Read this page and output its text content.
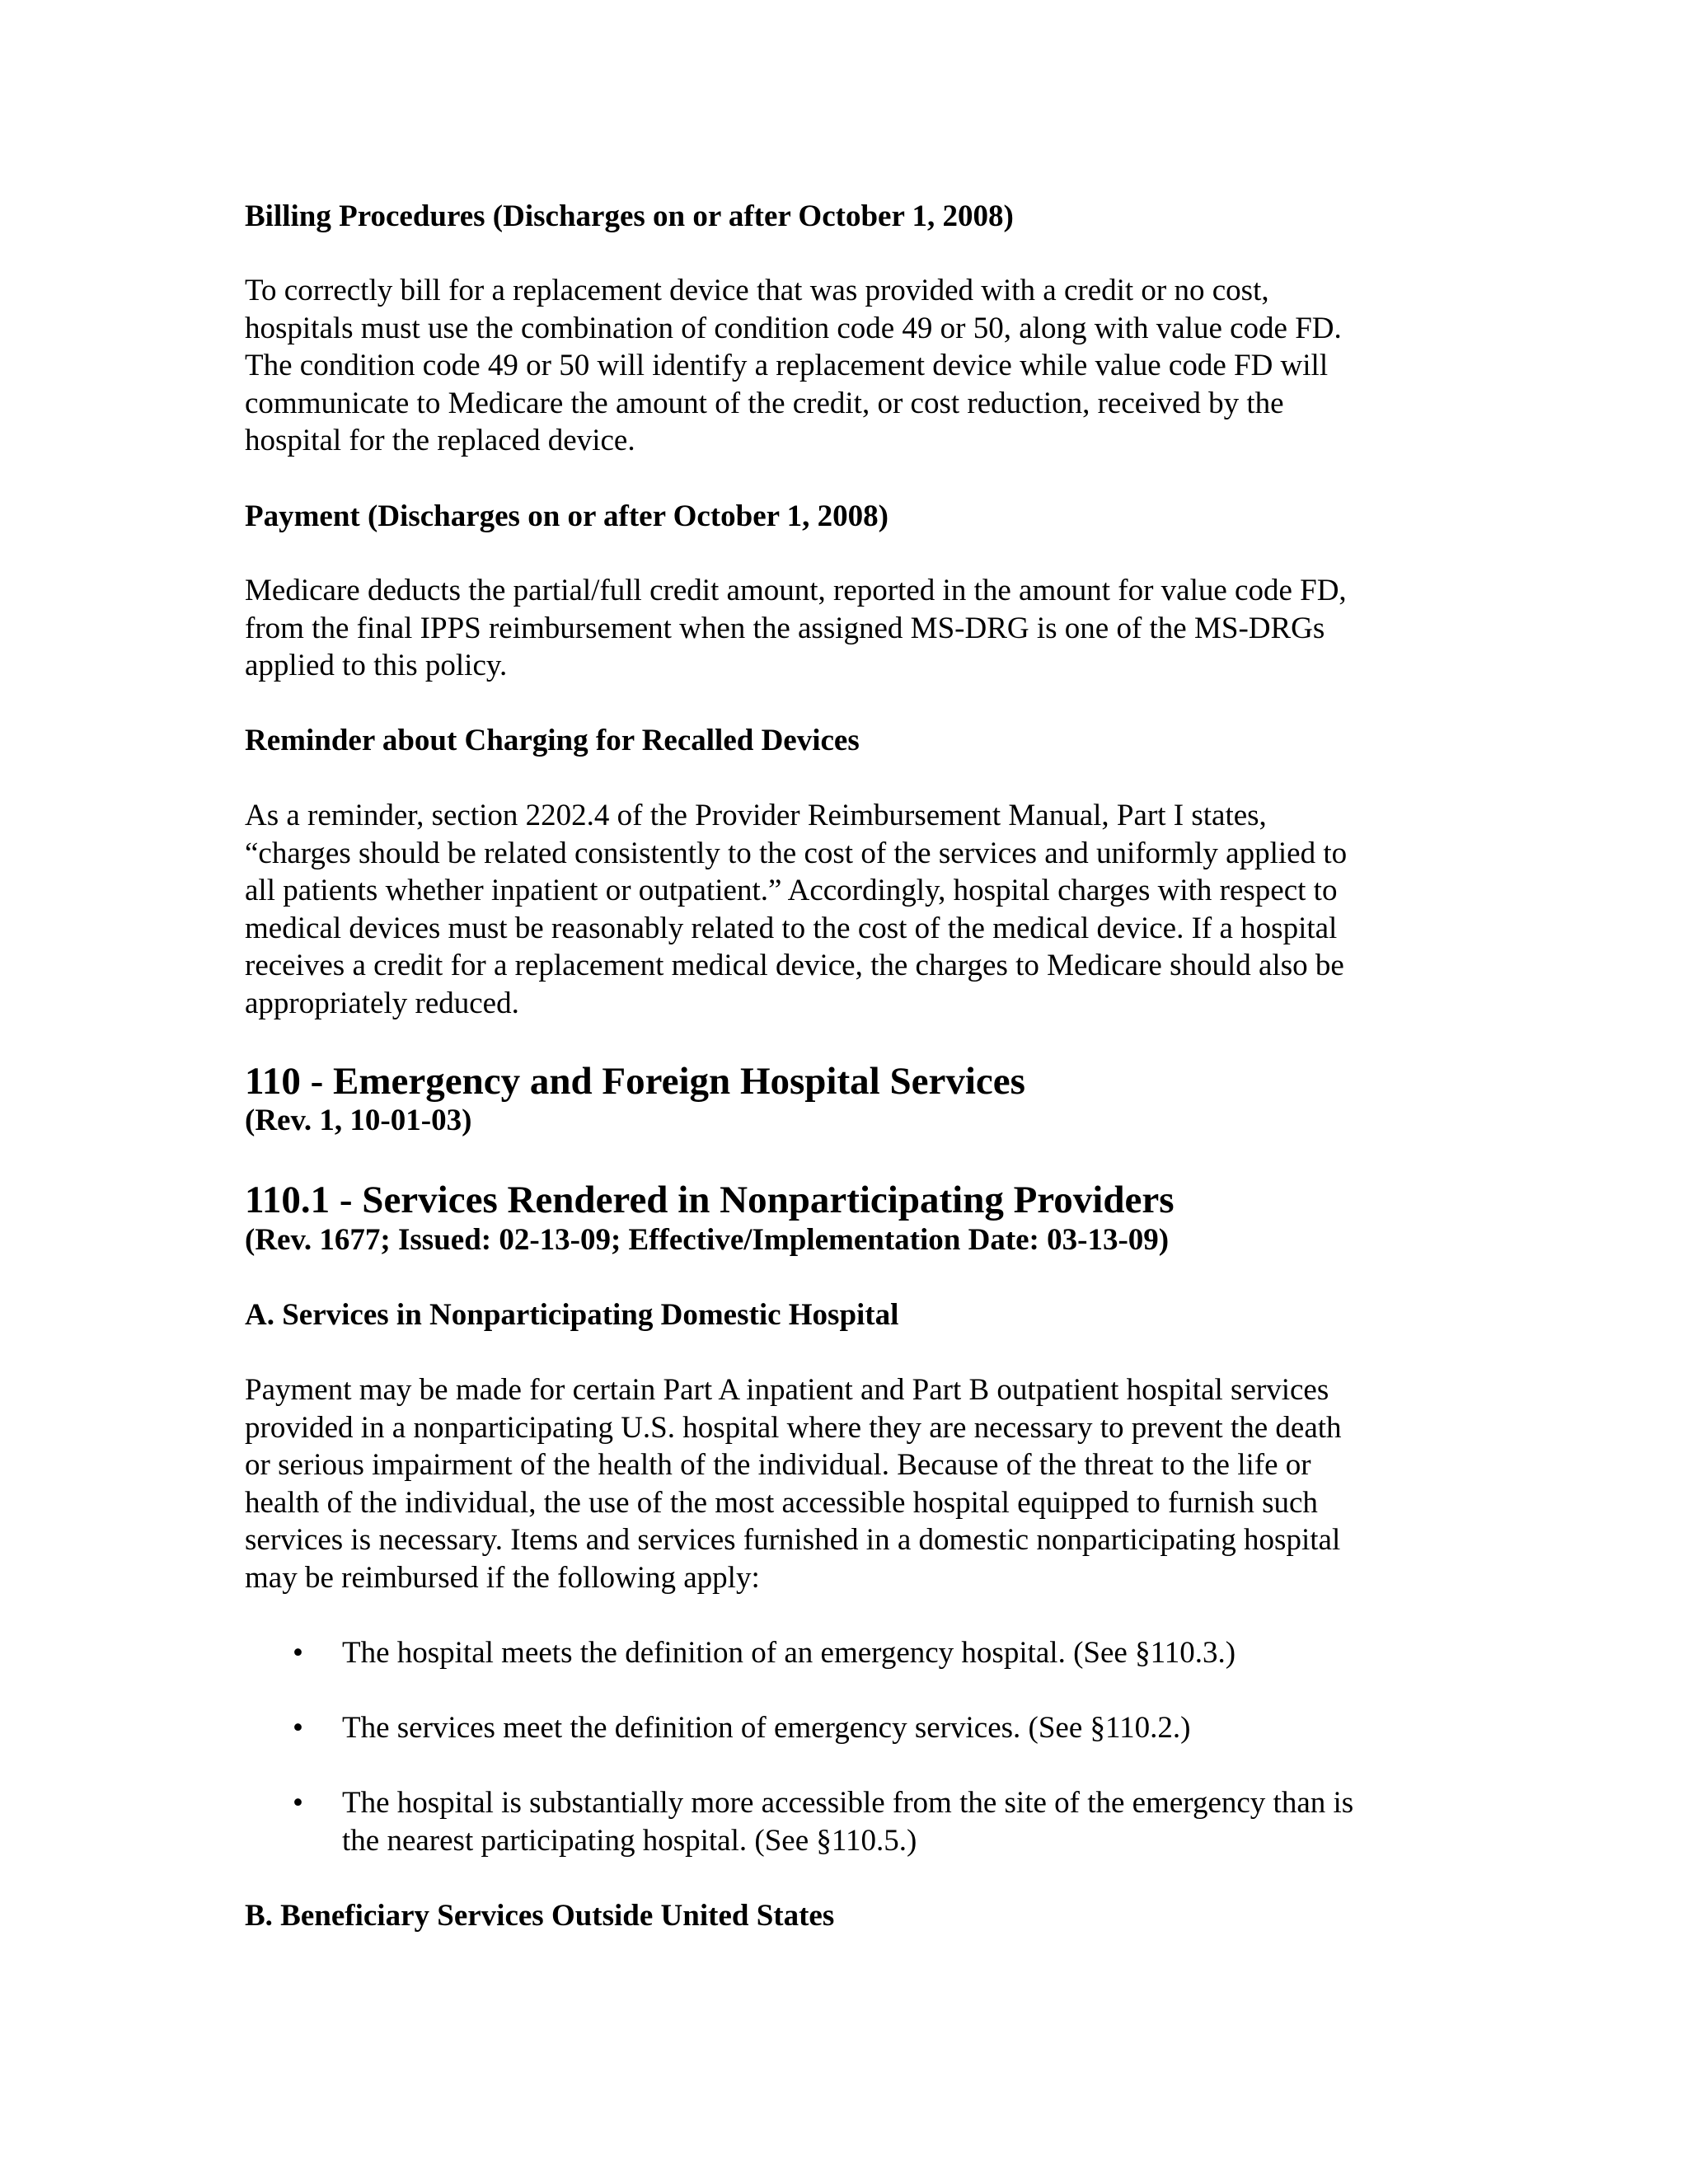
Billing Procedures (Discharges on or after October 1, 2008)
To correctly bill for a replacement device that was provided with a credit or no cost,
hospitals must use the combination of condition code 49 or 50, along with value code FD.
The condition code 49 or 50 will identify a replacement device while value code FD will
communicate to Medicare the amount of the credit, or cost reduction, received by the
hospital for the replaced device.
Payment (Discharges on or after October 1, 2008)
Medicare deducts the partial/full credit amount, reported in the amount for value code FD,
from the final IPPS reimbursement when the assigned MS-DRG is one of the MS-DRGs
applied to this policy.
Reminder about Charging for Recalled Devices
As a reminder, section 2202.4 of the Provider Reimbursement Manual, Part I states,
“charges should be related consistently to the cost of the services and uniformly applied to
all patients whether inpatient or outpatient.” Accordingly, hospital charges with respect to
medical devices must be reasonably related to the cost of the medical device. If a hospital
receives a credit for a replacement medical device, the charges to Medicare should also be
appropriately reduced.
110 - Emergency and Foreign Hospital Services
(Rev. 1, 10-01-03)
110.1 - Services Rendered in Nonparticipating Providers
(Rev. 1677; Issued: 02-13-09; Effective/Implementation Date: 03-13-09)
A. Services in Nonparticipating Domestic Hospital
Payment may be made for certain Part A inpatient and Part B outpatient hospital services
provided in a nonparticipating U.S. hospital where they are necessary to prevent the death
or serious impairment of the health of the individual. Because of the threat to the life or
health of the individual, the use of the most accessible hospital equipped to furnish such
services is necessary. Items and services furnished in a domestic nonparticipating hospital
may be reimbursed if the following apply:
• The hospital meets the definition of an emergency hospital. (See §110.3.)
• The services meet the definition of emergency services. (See §110.2.)
• The hospital is substantially more accessible from the site of the emergency than is
the nearest participating hospital. (See §110.5.)
B. Beneficiary Services Outside United States
